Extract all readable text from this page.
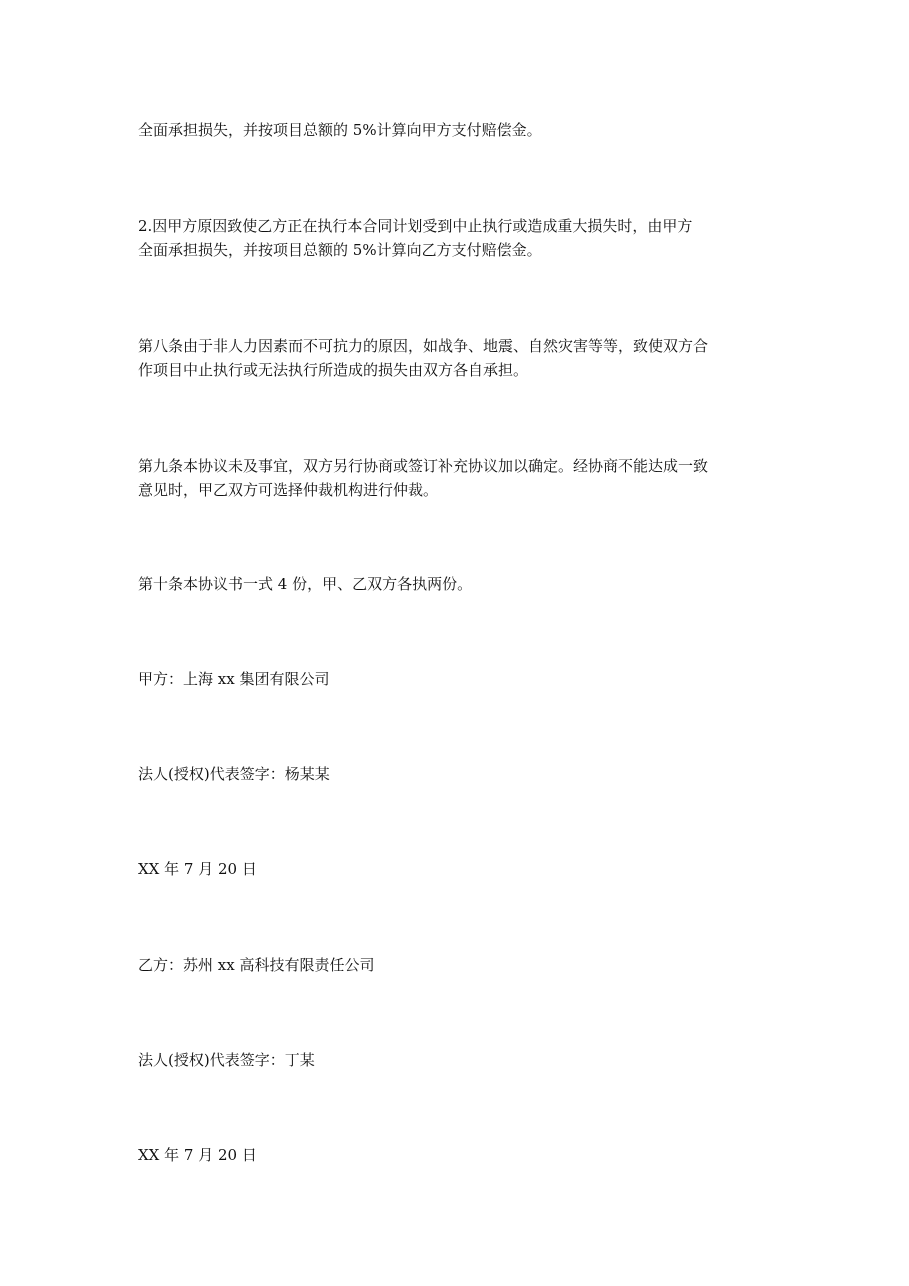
全面承担损失，并按项目总额的 5%计算向甲方支付赔偿金。

2.因甲方原因致使乙方正在执行本合同计划受到中止执行或造成重大损失时，由甲方
全面承担损失，并按项目总额的 5%计算向乙方支付赔偿金。

第八条由于非人力因素而不可抗力的原因，如战争、地震、自然灾害等等，致使双方合
作项目中止执行或无法执行所造成的损失由双方各自承担。

第九条本协议未及事宜，双方另行协商或签订补充协议加以确定。经协商不能达成一致
意见时，甲乙双方可选择仲裁机构进行仲裁。

第十条本协议书一式 4 份，甲、乙双方各执两份。

甲方：上海 xx 集团有限公司

法人(授权)代表签字：杨某某

XX 年 7 月 20 日

乙方：苏州 xx 高科技有限责任公司

法人(授权)代表签字：丁某

XX 年 7 月 20 日
